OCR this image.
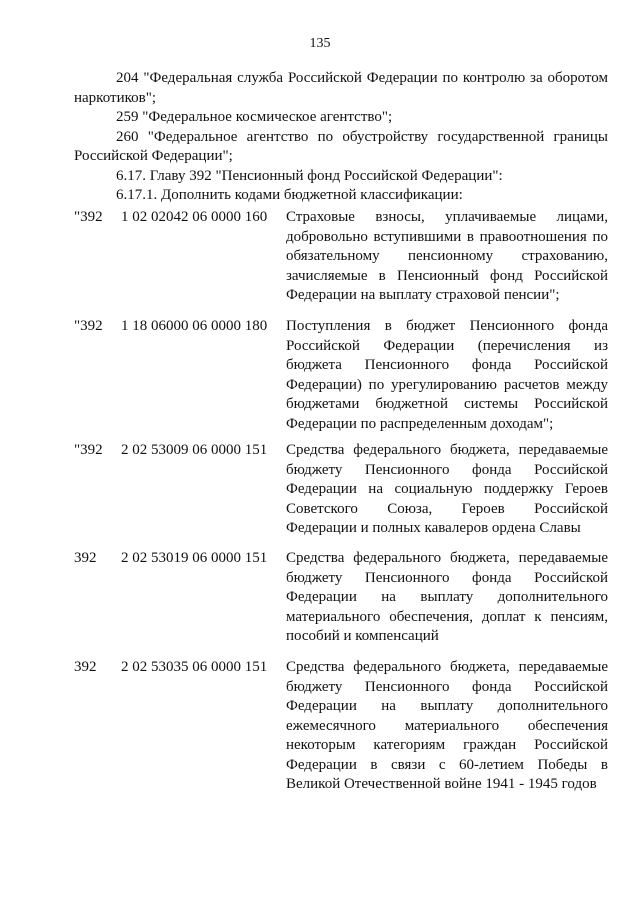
135
204 "Федеральная служба Российской Федерации по контролю за оборотом
наркотиков";
259 "Федеральное космическое агентство";
260 "Федеральное агентство по обустройству государственной границы
Российской Федерации";
6.17. Главу 392 "Пенсионный фонд Российской Федерации":
6.17.1. Дополнить кодами бюджетной классификации:
"392 1 02 02042 06 0000 160 Страховые взносы, уплачиваемые лицами,
добровольно вступившими в правоотношения по
обязательному пенсионному страхованию,
зачисляемые в Пенсионный фонд Российской
Федерации на выплату страховой пенсии";
"392 1 18 06000 06 0000 180 Поступления в бюджет Пенсионного фонда
Российской Федерации (перечисления из
бюджета Пенсионного фонда Российской
Федерации) по урегулированию расчетов между
бюджетами бюджетной системы Российской
Федерации по распределенным доходам";
"392 2 02 53009 06 0000 151 Средства федерального бюджета, передаваемые
бюджету Пенсионного фонда Российской
Федерации на социальную поддержку Героев
Советского Союза, Героев Российской
Федерации и полных кавалеров ордена Славы
392 2 02 53019 06 0000 151 Средства федерального бюджета, передаваемые
бюджету Пенсионного фонда Российской
Федерации на выплату дополнительного
материального обеспечения, доплат к пенсиям,
пособий и компенсаций
392 2 02 53035 06 0000 151 Средства федерального бюджета, передаваемые
бюджету Пенсионного фонда Российской
Федерации на выплату дополнительного
ежемесячного материального обеспечения
некоторым категориям граждан Российской
Федерации в связи с 60-летием Победы в
Великой Отечественной войне 1941 - 1945 годов
